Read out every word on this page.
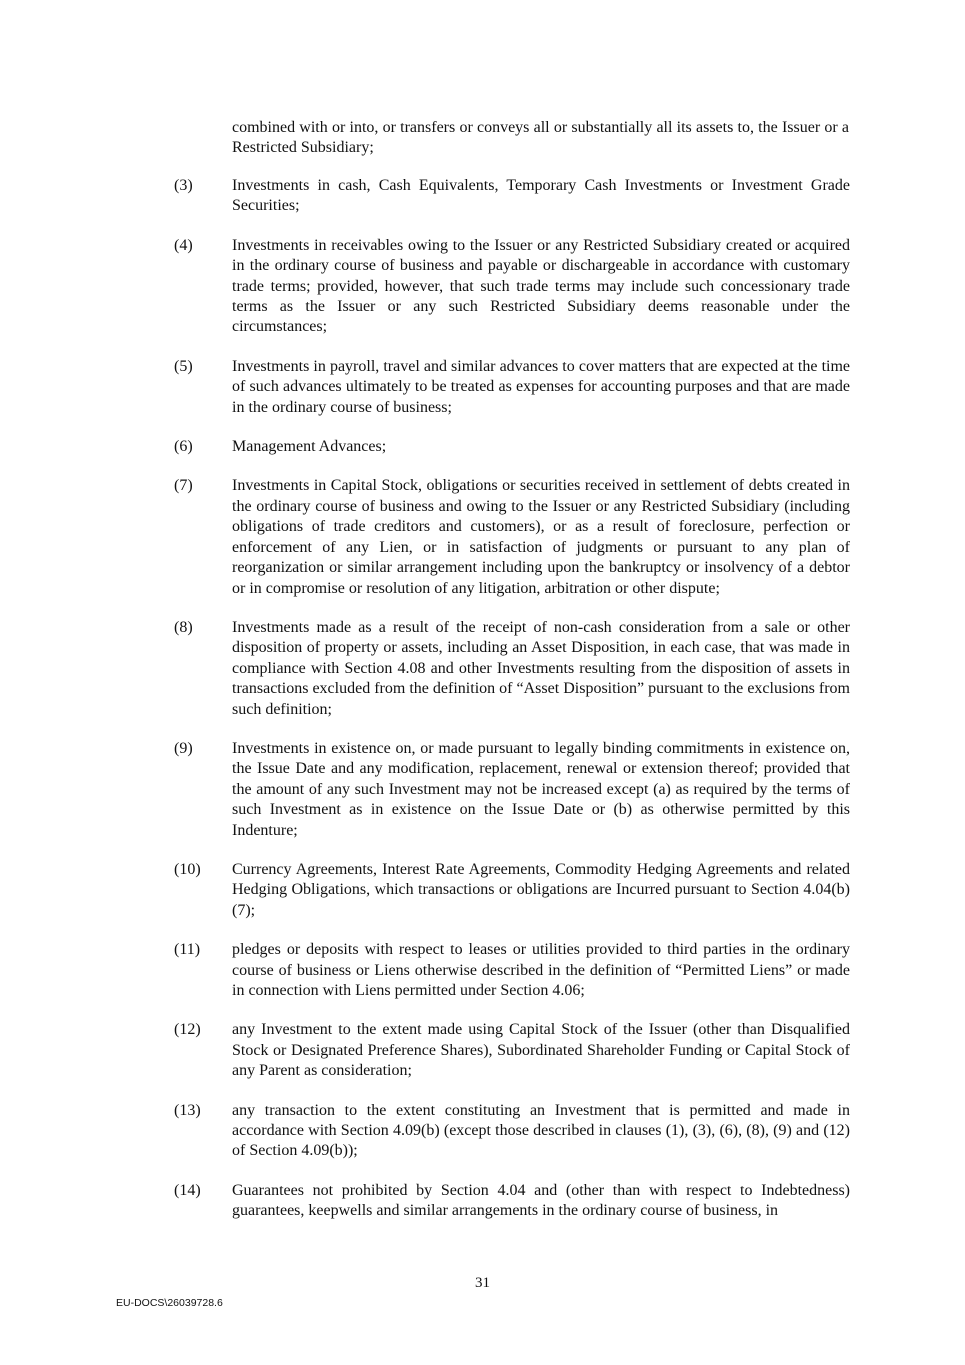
combined with or into, or transfers or conveys all or substantially all its assets to, the Issuer or a Restricted Subsidiary;

(3)	Investments in cash, Cash Equivalents, Temporary Cash Investments or Investment Grade Securities;
(4)	Investments in receivables owing to the Issuer or any Restricted Subsidiary created or acquired in the ordinary course of business and payable or dischargeable in accordance with customary trade terms; provided, however, that such trade terms may include such concessionary trade terms as the Issuer or any such Restricted Subsidiary deems reasonable under the circumstances;
(5)	Investments in payroll, travel and similar advances to cover matters that are expected at the time of such advances ultimately to be treated as expenses for accounting purposes and that are made in the ordinary course of business;
(6)	Management Advances;
(7)	Investments in Capital Stock, obligations or securities received in settlement of debts created in the ordinary course of business and owing to the Issuer or any Restricted Subsidiary (including obligations of trade creditors and customers), or as a result of foreclosure, perfection or enforcement of any Lien, or in satisfaction of judgments or pursuant to any plan of reorganization or similar arrangement including upon the bankruptcy or insolvency of a debtor or in compromise or resolution of any litigation, arbitration or other dispute;
(8)	Investments made as a result of the receipt of non-cash consideration from a sale or other disposition of property or assets, including an Asset Disposition, in each case, that was made in compliance with Section 4.08 and other Investments resulting from the disposition of assets in transactions excluded from the definition of “Asset Disposition” pursuant to the exclusions from such definition;
(9)	Investments in existence on, or made pursuant to legally binding commitments in existence on, the Issue Date and any modification, replacement, renewal or extension thereof; provided that the amount of any such Investment may not be increased except (a) as required by the terms of such Investment as in existence on the Issue Date or (b) as otherwise permitted by this Indenture;
(10)	Currency Agreements, Interest Rate Agreements, Commodity Hedging Agreements and related Hedging Obligations, which transactions or obligations are Incurred pursuant to Section 4.04(b)(7);
(11)	pledges or deposits with respect to leases or utilities provided to third parties in the ordinary course of business or Liens otherwise described in the definition of “Permitted Liens” or made in connection with Liens permitted under Section 4.06;
(12)	any Investment to the extent made using Capital Stock of the Issuer (other than Disqualified Stock or Designated Preference Shares), Subordinated Shareholder Funding or Capital Stock of any Parent as consideration;
(13)	any transaction to the extent constituting an Investment that is permitted and made in accordance with Section 4.09(b) (except those described in clauses (1), (3), (6), (8), (9) and (12) of Section 4.09(b));
(14)	Guarantees not prohibited by Section 4.04 and (other than with respect to Indebtedness) guarantees, keepwells and similar arrangements in the ordinary course of business, in
31
EU-DOCS\26039728.6
